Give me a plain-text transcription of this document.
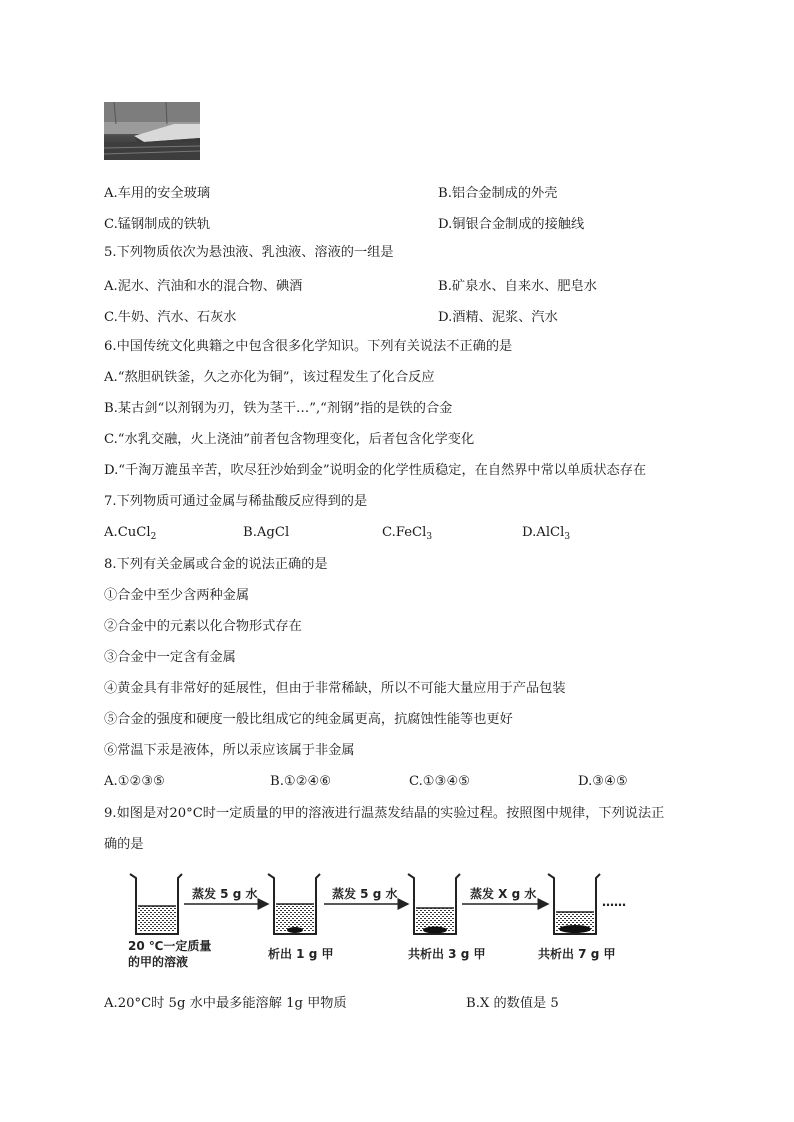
A.车用的安全玻璃	B.铝合金制成的外壳
C.锰钢制成的铁轨	D.铜银合金制成的接触线
5.下列物质依次为悬浊液、乳浊液、溶液的一组是
A.泥水、汽油和水的混合物、碘酒	B.矿泉水、自来水、肥皂水
C.牛奶、汽水、石灰水	D.酒精、泥浆、汽水
6.中国传统文化典籍之中包含很多化学知识。下列有关说法不正确的是
A.“熬胆矾铁釜，久之亦化为铜”，该过程发生了化合反应
B.某古剑“以剂钢为刃，铁为茎干…”,“剂钢”指的是铁的合金
C.“水乳交融，火上浇油”前者包含物理变化，后者包含化学变化
D.“千淘万漉虽辛苦，吹尽狂沙始到金”说明金的化学性质稳定，在自然界中常以单质状态存在
7.下列物质可通过金属与稀盐酸反应得到的是
A.CuCl$_2$	B.AgCl	C.FeCl$_3$	D.AlCl$_3$
8.下列有关金属或合金的说法正确的是
①合金中至少含两种金属
②合金中的元素以化合物形式存在
③合金中一定含有金属
④黄金具有非常好的延展性，但由于非常稀缺，所以不可能大量应用于产品包装
⑤合金的强度和硬度一般比组成它的纯金属更高，抗腐蚀性能等也更好
⑥常温下汞是液体，所以汞应该属于非金属
A.①②③⑤	B.①②④⑥	C.①③④⑤	D.③④⑤
9.如图是对20°C时一定质量的甲的溶液进行温蒸发结晶的实验过程。按照图中规律，下列说法正
确的是
蒸发 5 g 水	蒸发 5 g 水	蒸发 X g 水
……
20 ℃一定质量
的甲的溶液
析出 1 g 甲	共析出 3 g 甲	共析出 7 g 甲
A.20°C时 5g 水中最多能溶解 1g 甲物质	B.X 的数值是 5
